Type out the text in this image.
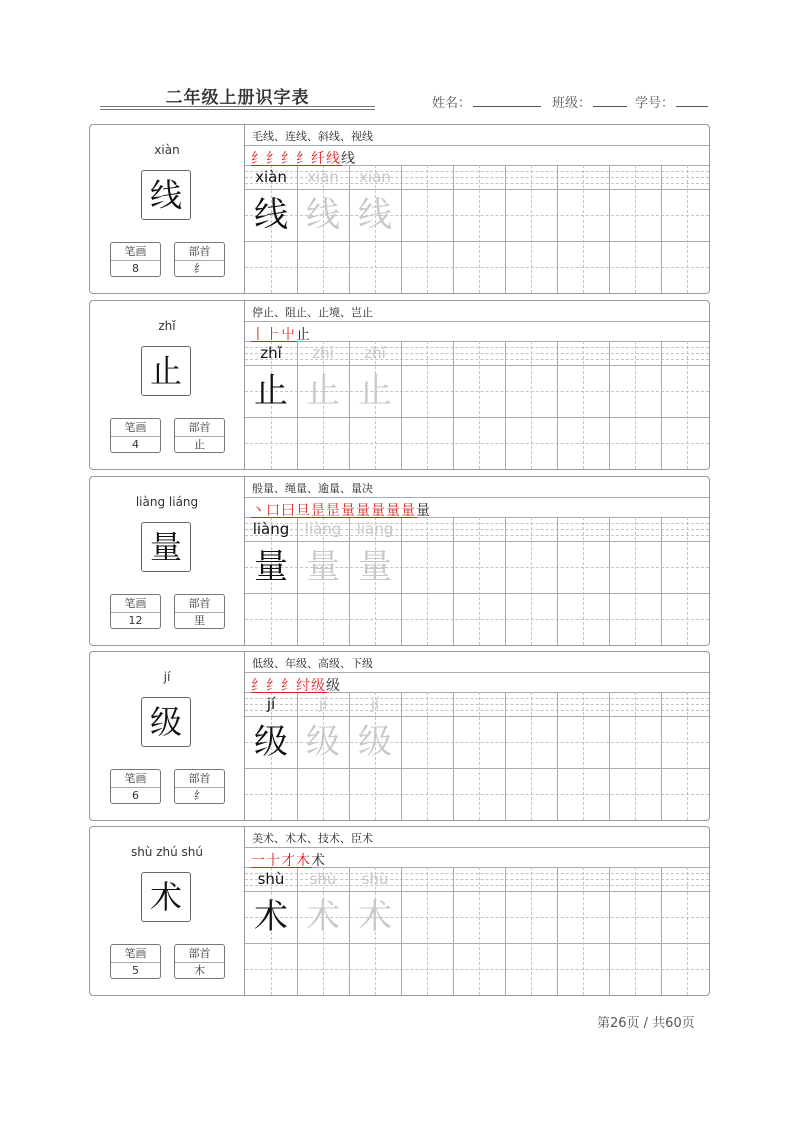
二年级上册识字表	姓名：	班级：	学号：
xiàn
线
笔画
8
部首
纟
毛线、连线、斜线、视线
纟纟纟纟纤线线
xiàn
线
xiàn
线
xiàn
线
zhǐ
止
笔画
4
部首
止
停止、阻止、止境、岂止
丨⺊屮止
zhǐ
止
zhǐ
止
zhǐ
止
liàng liáng
量
笔画
12
部首
里
般量、绳量、逾量、量决
丶口曰旦昰昰量量量量量量
liàng
量
liàng
量
liàng
量
jí
级
笔画
6
部首
纟
低级、年级、高级、下级
纟纟纟纣级级
jí
级
jí
级
jí
级
shù zhú shú
术
笔画
5
部首
木
美术、术术、技术、臣术
一十才木术
shù
术
shù
术
shù
术
第26页 / 共60页
